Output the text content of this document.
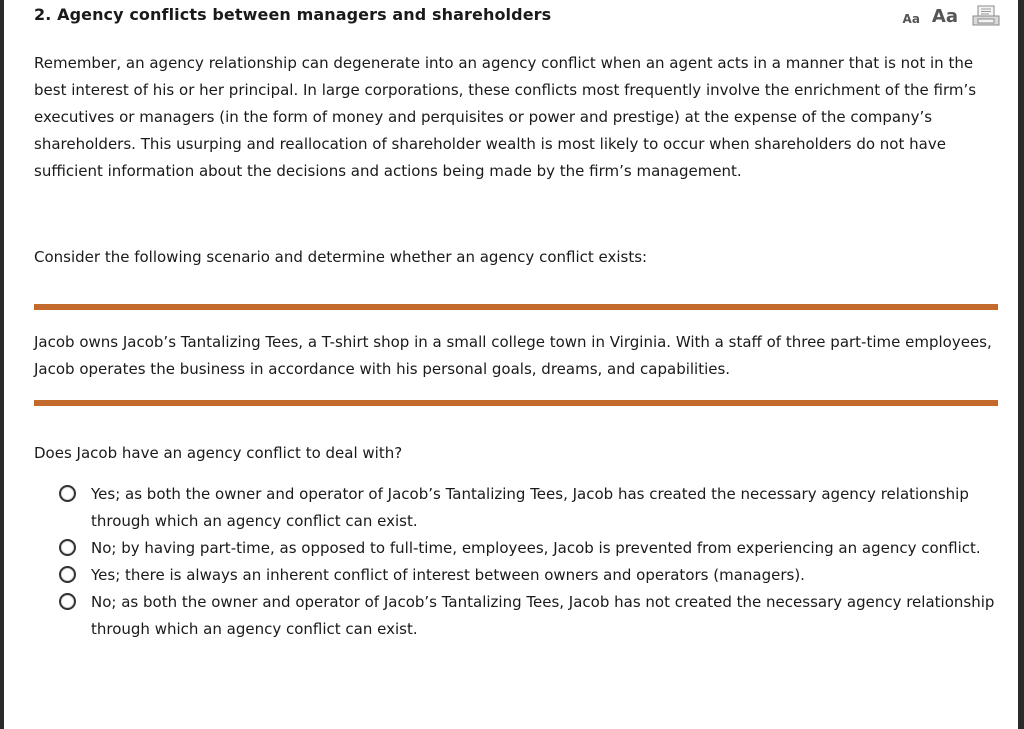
2. Agency conflicts between managers and shareholders	Aa Aa
Remember, an agency relationship can degenerate into an agency conflict when an agent acts in a manner that is not in the best interest of his or her principal. In large corporations, these conflicts most frequently involve the enrichment of the firm’s executives or managers (in the form of money and perquisites or power and prestige) at the expense of the company’s shareholders. This usurping and reallocation of shareholder wealth is most likely to occur when shareholders do not have sufficient information about the decisions and actions being made by the firm’s management.
Consider the following scenario and determine whether an agency conflict exists:
Jacob owns Jacob’s Tantalizing Tees, a T-shirt shop in a small college town in Virginia. With a staff of three part-time employees, Jacob operates the business in accordance with his personal goals, dreams, and capabilities.
Does Jacob have an agency conflict to deal with?
Yes; as both the owner and operator of Jacob’s Tantalizing Tees, Jacob has created the necessary agency relationship through which an agency conflict can exist.
No; by having part-time, as opposed to full-time, employees, Jacob is prevented from experiencing an agency conflict.
Yes; there is always an inherent conflict of interest between owners and operators (managers).
No; as both the owner and operator of Jacob’s Tantalizing Tees, Jacob has not created the necessary agency relationship through which an agency conflict can exist.
